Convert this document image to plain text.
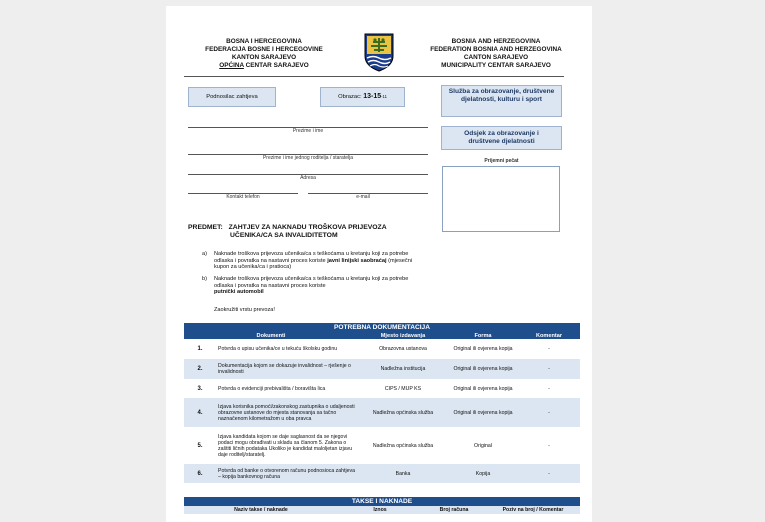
BOSNA I HERCEGOVINA
FEDERACIJA BOSNE I HERCEGOVINE
KANTON SARAJEVO
OPĆINA CENTAR SARAJEVO
BOSNIA AND HERZEGOVINA
FEDERATION BOSNIA AND HERZEGOVINA
CANTON SARAJEVO
MUNICIPALITY CENTAR SARAJEVO
Podnosilac zahtjeva	Obrazac: 13-15-11
Služba za obrazovanje, društvene djelatnosti, kulturu i sport
Odsjek za obrazovanje i društvene djelatnosti
Prezime i ime
Prezime i ime jednog roditelja / staratelja
Adresa
Kontakt telefon	e-mail
Prijemni pečat
PREDMET: ZAHTJEV ZA NAKNADU TROŠKOVA PRIJEVOZA
UČENIKA/CA SA INVALIDITETOM
a)	Naknade troškova prijevoza učenika/ca s teškoćama u kretanju koji za potrebe odlaska i povratka na nastavni proces koriste javni linijski saobraćaj (mjesečni kupon za učenika/ca i pratioca)
b)	Naknade troškova prijevoza učenika/ca s teškoćama u kretanju koji za potrebe odlaska i povratka na nastavni proces koriste
putnički automobil
Zaokružiti vrstu prevoza!
POTREBNA DOKUMENTACIJA				
Dokumenti		Mjesto izdavanja	Forma	Komentar
1.	Potvrda o upisu učenika/ce u tekuću školsku godinu	Obrazovna ustanova	Original ili ovjerena kopija	-
2.	Dokumentacija kojom se dokazuje invalidnost – rješenje o invalidnosti	Nadležna institucija	Original ili ovjerena kopija	-
3.	Potvrda o evidenciji prebivališta / boravišta lica	CIPS / MUP KS	Original ili ovjerena kopija	-
4.	Izjava korisnika pomoći/zakonskog zastupnika o udaljenosti obrazovne ustanove do mjesta stanovanja sa tačno naznačenom kilometražom u oba pravca	Nadležna općinska služba	Original ili ovjerena kopija	-
5.	Izjava kandidata kojom se daje saglasnost da se njegovi podaci mogu obrađivati u skladu sa članom 5. Zakona o zaštiti ličnih podataka Ukoliko je kandidat maloljetan izjavu daje roditelj/staratelj.	Nadležna općinska služba	Original	-
6.	Potvrda od banke o otvorenom računu podnosioca zahtjeva – kopija bankovnog računa	Banka	Kopija	-
TAKSE I NAKNADE
Naziv takse / naknade	Iznos	Broj računa	Poziv na broj / Komentar
